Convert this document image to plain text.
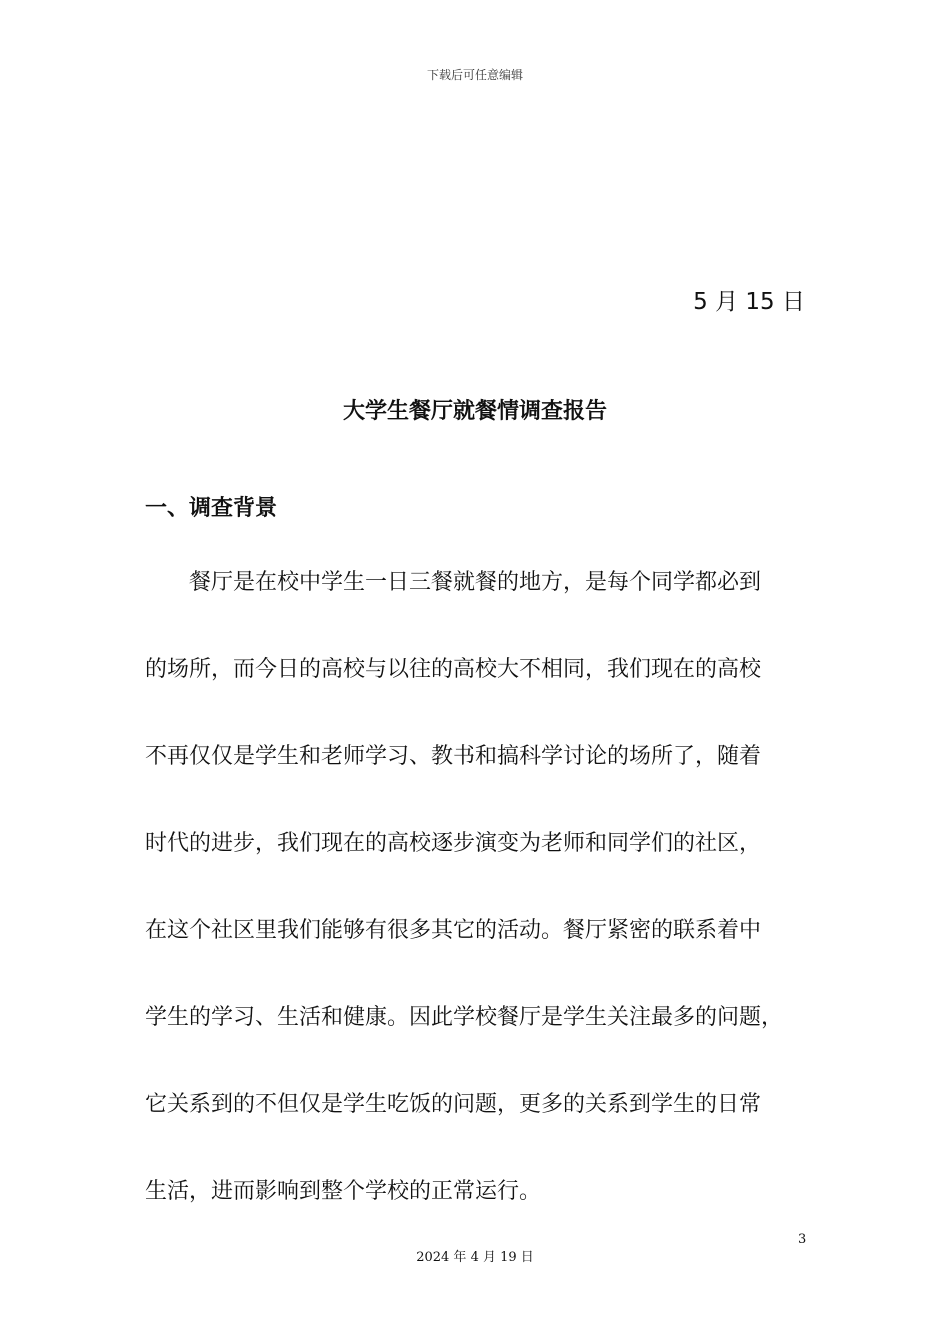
下载后可任意编辑
5 月 15 日
大学生餐厅就餐情调查报告
一、调查背景
餐厅是在校中学生一日三餐就餐的地方，是每个同学都必到
的场所，而今日的高校与以往的高校大不相同，我们现在的高校
不再仅仅是学生和老师学习、教书和搞科学讨论的场所了，随着
时代的进步，我们现在的高校逐步演变为老师和同学们的社区，
在这个社区里我们能够有很多其它的活动。餐厅紧密的联系着中
学生的学习、生活和健康。因此学校餐厅是学生关注最多的问题，
它关系到的不但仅是学生吃饭的问题，更多的关系到学生的日常
生活，进而影响到整个学校的正常运行。
3
2024 年 4 月 19 日
